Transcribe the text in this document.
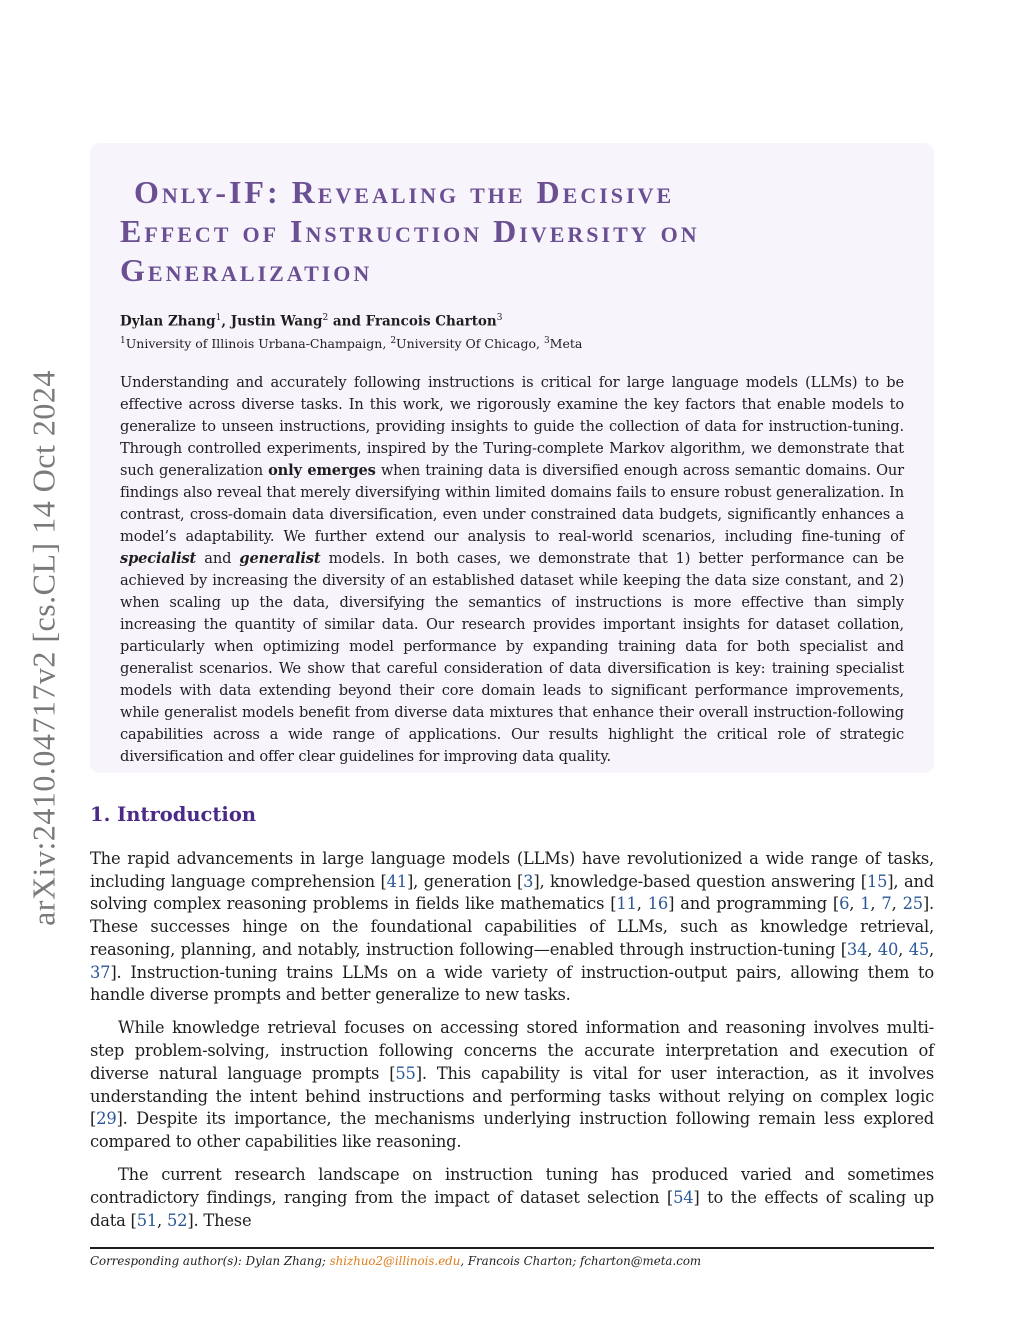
arXiv:2410.04717v2 [cs.CL] 14 Oct 2024
Only-IF: Revealing the Decisive
Effect of Instruction Diversity on
Generalization
Dylan Zhang$^1$, Justin Wang$^2$ and Francois Charton$^3$
$^1$University of Illinois Urbana-Champaign, $^2$University Of Chicago, $^3$Meta
Understanding and accurately following instructions is critical for large language models (LLMs) to be effective across diverse tasks. In this work, we rigorously examine the key factors that enable models to generalize to unseen instructions, providing insights to guide the collection of data for instruction-tuning. Through controlled experiments, inspired by the Turing-complete Markov algorithm, we demonstrate that such generalization only emerges when training data is diversified enough across semantic domains. Our findings also reveal that merely diversifying within limited domains fails to ensure robust generalization. In contrast, cross-domain data diversification, even under constrained data budgets, significantly enhances a model’s adaptability. We further extend our analysis to real-world scenarios, including fine-tuning of specialist and generalist models. In both cases, we demonstrate that 1) better performance can be achieved by increasing the diversity of an established dataset while keeping the data size constant, and 2) when scaling up the data, diversifying the semantics of instructions is more effective than simply increasing the quantity of similar data. Our research provides important insights for dataset collation, particularly when optimizing model performance by expanding training data for both specialist and generalist scenarios. We show that careful consideration of data diversification is key: training specialist models with data extending beyond their core domain leads to significant performance improvements, while generalist models benefit from diverse data mixtures that enhance their overall instruction-following capabilities across a wide range of applications. Our results highlight the critical role of strategic diversification and offer clear guidelines for improving data quality.
1. Introduction

The rapid advancements in large language models (LLMs) have revolutionized a wide range of tasks, including language comprehension [41], generation [3], knowledge-based question answering [15], and solving complex reasoning problems in fields like mathematics [11, 16] and programming [6, 1, 7, 25]. These successes hinge on the foundational capabilities of LLMs, such as knowledge retrieval, reasoning, planning, and notably, instruction following—enabled through instruction-tuning [34, 40, 45, 37]. Instruction-tuning trains LLMs on a wide variety of instruction-output pairs, allowing them to handle diverse prompts and better generalize to new tasks.

While knowledge retrieval focuses on accessing stored information and reasoning involves multi-step problem-solving, instruction following concerns the accurate interpretation and execution of diverse natural language prompts [55]. This capability is vital for user interaction, as it involves understanding the intent behind instructions and performing tasks without relying on complex logic [29]. Despite its importance, the mechanisms underlying instruction following remain less explored compared to other capabilities like reasoning.

The current research landscape on instruction tuning has produced varied and sometimes contradictory findings, ranging from the impact of dataset selection [54] to the effects of scaling up data [51, 52]. These

Corresponding author(s): Dylan Zhang; shizhuo2@illinois.edu, Francois Charton; fcharton@meta.com
